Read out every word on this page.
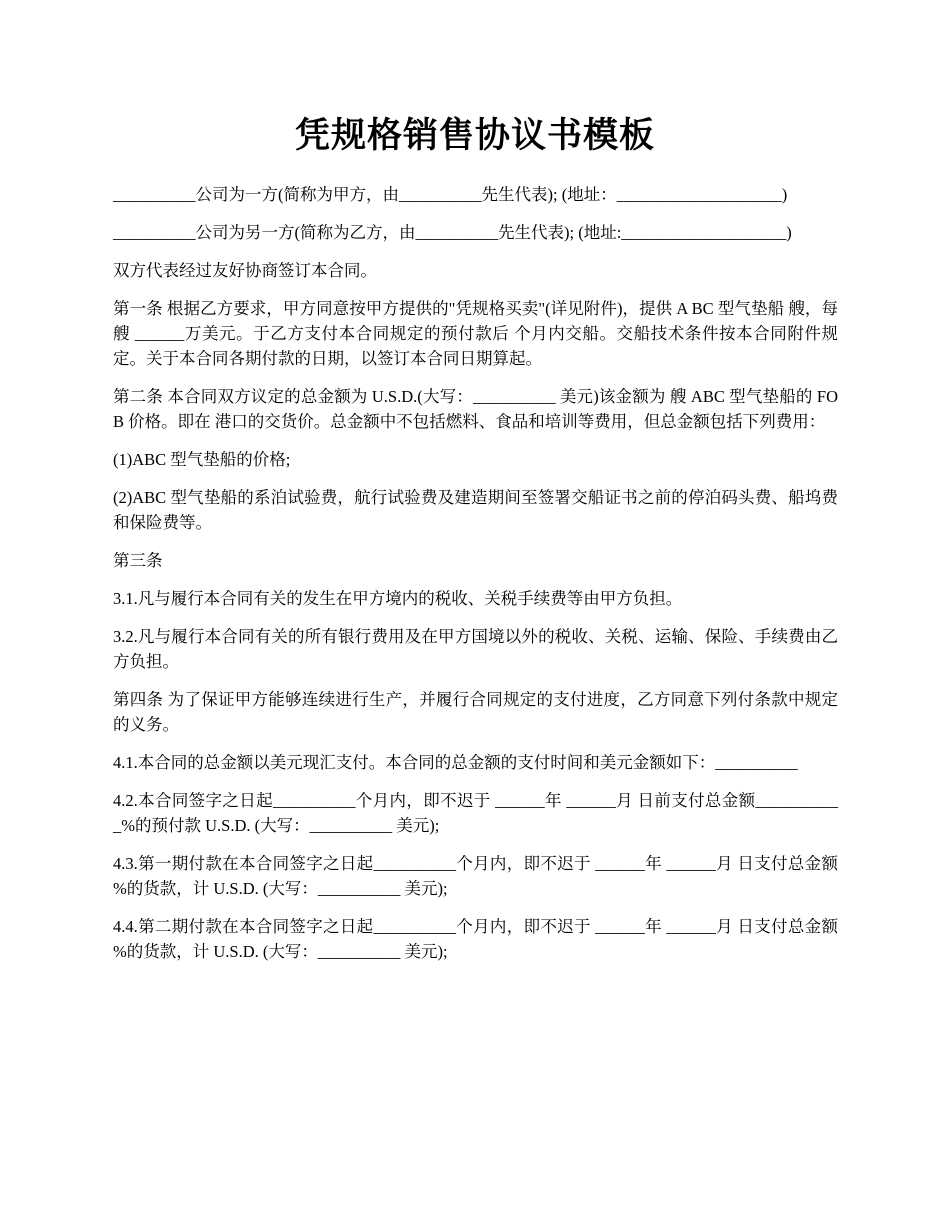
凭规格销售协议书模板

__________公司为一方(简称为甲方，由__________先生代表); (地址：____________________)

__________公司为另一方(简称为乙方，由__________先生代表); (地址:____________________)

双方代表经过友好协商签订本合同。

第一条 根据乙方要求，甲方同意按甲方提供的"凭规格买卖"(详见附件)，提供 A BC 型气垫船 艘，每艘 ______万美元。于乙方支付本合同规定的预付款后 个月内交船。交船技术条件按本合同附件规定。关于本合同各期付款的日期，以签订本合同日期算起。

第二条 本合同双方议定的总金额为 U.S.D.(大写：__________ 美元)该金额为 艘 ABC 型气垫船的 FOB 价格。即在 港口的交货价。总金额中不包括燃料、食品和培训等费用，但总金额包括下列费用：

(1)ABC 型气垫船的价格;

(2)ABC 型气垫船的系泊试验费，航行试验费及建造期间至签署交船证书之前的停泊码头费、船坞费和保险费等。

第三条

3.1.凡与履行本合同有关的发生在甲方境内的税收、关税手续费等由甲方负担。

3.2.凡与履行本合同有关的所有银行费用及在甲方国境以外的税收、关税、运输、保险、手续费由乙方负担。

第四条 为了保证甲方能够连续进行生产，并履行合同规定的支付进度，乙方同意下列付条款中规定的义务。

4.1.本合同的总金额以美元现汇支付。本合同的总金额的支付时间和美元金额如下：__________

4.2.本合同签字之日起__________个月内，即不迟于 ______年 ______月 日前支付总金额___________%的预付款 U.S.D. (大写：__________ 美元);

4.3.第一期付款在本合同签字之日起__________个月内，即不迟于 ______年 ______月 日支付总金额 %的货款，计 U.S.D. (大写：__________ 美元);

4.4.第二期付款在本合同签字之日起__________个月内，即不迟于 ______年 ______月 日支付总金额 %的货款，计 U.S.D. (大写：__________ 美元);
